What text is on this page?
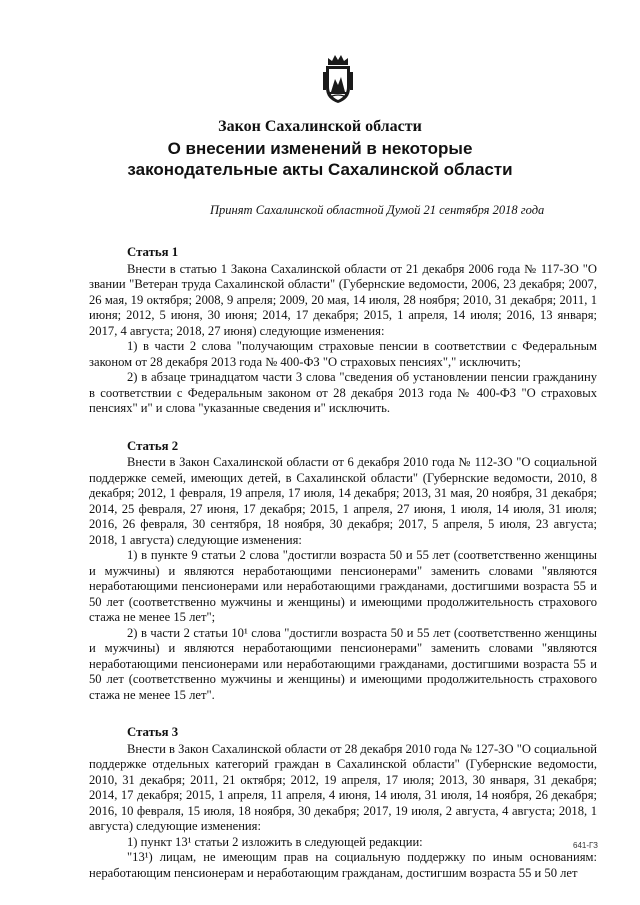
Закон Сахалинской области

О внесении изменений в некоторые

законодательные акты Сахалинской области

Принят Сахалинской областной Думой 21 сентября 2018 года

Статья 1

Внести в статью 1 Закона Сахалинской области от 21 декабря 2006 года № 117-ЗО "О звании "Ветеран труда Сахалинской области" (Губернские ведомости, 2006, 23 декабря; 2007, 26 мая, 19 октября; 2008, 9 апреля; 2009, 20 мая, 14 июля, 28 ноября; 2010, 31 декабря; 2011, 1 июня; 2012, 5 июня, 30 июня; 2014, 17 декабря; 2015, 1 апреля, 14 июля; 2016, 13 января; 2017, 4 августа; 2018, 27 июня) следующие изменения:

1) в части 2 слова "получающим страховые пенсии в соответствии с Федеральным законом от 28 декабря 2013 года № 400-ФЗ "О страховых пенсиях"," исключить;

2) в абзаце тринадцатом части 3 слова "сведения об установлении пенсии гражданину в соответствии с Федеральным законом от 28 декабря 2013 года № 400-ФЗ "О страховых пенсиях" и" и слова "указанные сведения и" исключить.

Статья 2

Внести в Закон Сахалинской области от 6 декабря 2010 года № 112-ЗО "О социальной поддержке семей, имеющих детей, в Сахалинской области" (Губернские ведомости, 2010, 8 декабря; 2012, 1 февраля, 19 апреля, 17 июля, 14 декабря; 2013, 31 мая, 20 ноября, 31 декабря; 2014, 25 февраля, 27 июня, 17 декабря; 2015, 1 апреля, 27 июня, 1 июля, 14 июля, 31 июля; 2016, 26 февраля, 30 сентября, 18 ноября, 30 декабря; 2017, 5 апреля, 5 июля, 23 августа; 2018, 1 августа) следующие изменения:

1) в пункте 9 статьи 2 слова "достигли возраста 50 и 55 лет (соответственно женщины и мужчины) и являются неработающими пенсионерами" заменить словами "являются неработающими пенсионерами или неработающими гражданами, достигшими возраста 55 и 50 лет (соответственно мужчины и женщины) и имеющими продолжительность страхового стажа не менее 15 лет";

2) в части 2 статьи 10¹ слова "достигли возраста 50 и 55 лет (соответственно женщины и мужчины) и являются неработающими пенсионерами" заменить словами "являются неработающими пенсионерами или неработающими гражданами, достигшими возраста 55 и 50 лет (соответственно мужчины и женщины) и имеющими продолжительность страхового стажа не менее 15 лет".

Статья 3

Внести в Закон Сахалинской области от 28 декабря 2010 года № 127-ЗО "О социальной поддержке отдельных категорий граждан в Сахалинской области" (Губернские ведомости, 2010, 31 декабря; 2011, 21 октября; 2012, 19 апреля, 17 июля; 2013, 30 января, 31 декабря; 2014, 17 декабря; 2015, 1 апреля, 11 апреля, 4 июня, 14 июля, 31 июля, 14 ноября, 26 декабря; 2016, 10 февраля, 15 июля, 18 ноября, 30 декабря; 2017, 19 июля, 2 августа, 4 августа; 2018, 1 августа) следующие изменения:

1) пункт 13¹ статьи 2 изложить в следующей редакции:

"13¹) лицам, не имеющим прав на социальную поддержку по иным основаниям: неработающим пенсионерам и неработающим гражданам, достигшим возраста 55 и 50 лет

641-ГЗ
